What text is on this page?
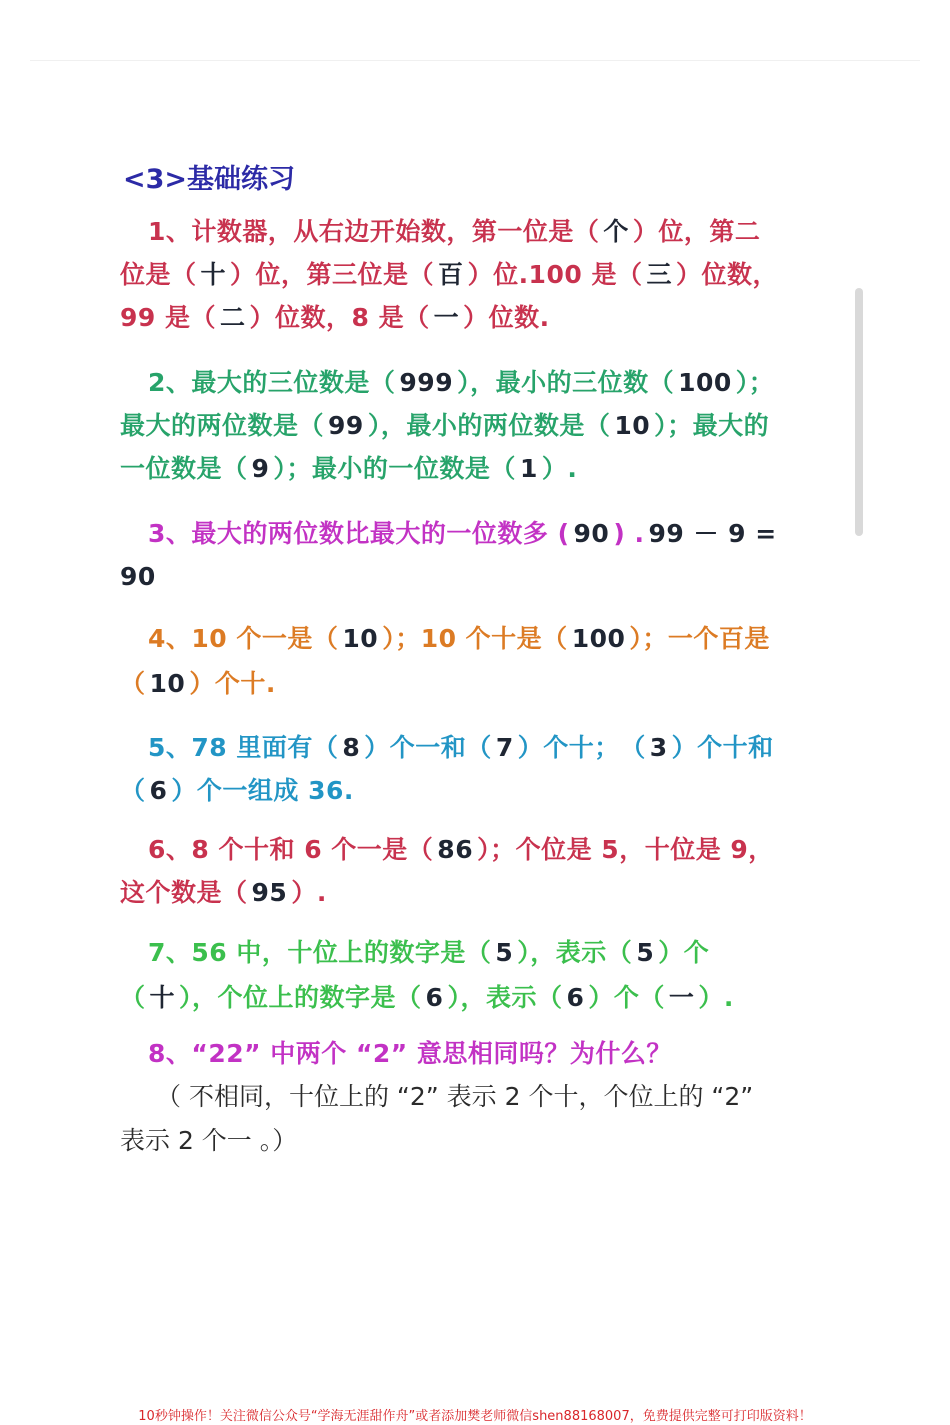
<3>基础练习

1、计数器，从右边开始数，第一位是（ 个 ）位，第二位是（ 十 ）位，第三位是（ 百 ）位.100 是（ 三 ）位数，99 是（ 二 ）位数，8 是（ 一 ）位数.

2、最大的三位数是（ 999 ），最小的三位数（ 100 ）；最大的两位数是（ 99 ），最小的两位数是（ 10 ）；最大的一位数是（ 9 ）；最小的一位数是（ 1 ）.

3、最大的两位数比最大的一位数多 ( 90 ) . 99 － 9 = 90

4、10 个一是（ 10 ）；10 个十是（ 100 ）；一个百是（ 10 ）个十.

5、78 里面有（ 8 ）个一和（ 7 ）个十；　（ 3 ）个十和（ 6 ）个一组成 36.

6、8 个十和 6 个一是（ 86 ）；个位是 5，十位是 9，这个数是（ 95 ）.

7、56 中，十位上的数字是（ 5 ），表示（ 5 ）个（ 十 ），个位上的数字是（ 6 ），表示（ 6 ）个（ 一 ）.

8、“22” 中两个 “2” 意思相同吗？为什么？

（ 不相同，十位上的 “2” 表示 2 个十，个位上的 “2” 表示 2 个一 。）

10秒钟操作！关注微信公众号“学海无涯甜作舟”或者添加樊老师微信shen88168007，免费提供完整可打印版资料！
